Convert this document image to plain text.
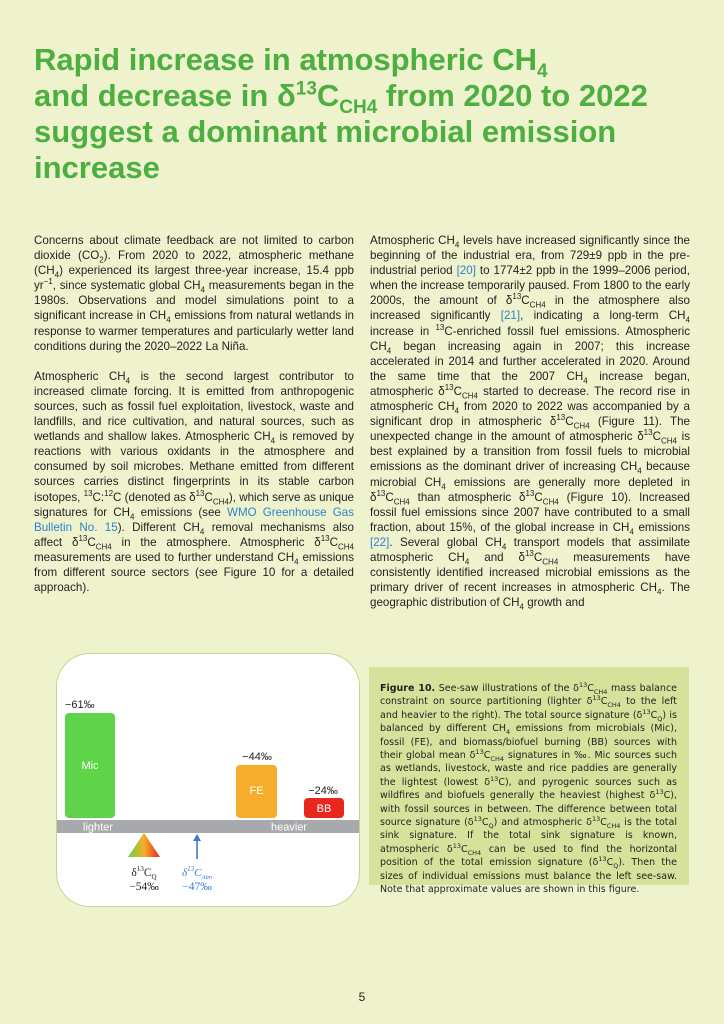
Rapid increase in atmospheric $CH_4$
and decrease in $\delta^{13}C_{CH4}$ from 2020 to 2022
suggest a dominant microbial emission
increase

Concerns about climate feedback are not limited to carbon dioxide $(CO_2)$. From 2020 to 2022, atmospheric methane $(CH_4)$ experienced its largest three-year increase, 15.4 ppb $yr^{-1}$, since systematic global $CH_4$ measurements began in the 1980s. Observations and model simulations point to a significant increase in $CH_4$ emissions from natural wetlands in response to warmer temperatures and particularly wetter land conditions during the 2020–2022 La Niña.

Atmospheric $CH_4$ is the second largest contributor to increased climate forcing. It is emitted from anthropogenic sources, such as fossil fuel exploitation, livestock, waste and landfills, and rice cultivation, and natural sources, such as wetlands and shallow lakes. Atmospheric $CH_4$ is removed by reactions with various oxidants in the atmosphere and consumed by soil microbes. Methane emitted from different sources carries distinct fingerprints in its stable carbon isotopes, $^{13}$C:$^{12}$C (denoted as $\delta^{13}C_{CH4}$), which serve as unique signatures for $CH_4$ emissions (see WMO Greenhouse Gas Bulletin No. 15). Different $CH_4$ removal mechanisms also affect $\delta^{13}C_{CH4}$ in the atmosphere. Atmospheric $\delta^{13}C_{CH4}$ measurements are used to further understand $CH_4$ emissions from different source sectors (see Figure 10 for a detailed approach).

Atmospheric $CH_4$ levels have increased significantly since the beginning of the industrial era, from 729±9 ppb in the pre-industrial period [20] to 1774±2 ppb in the 1999–2006 period, when the increase temporarily paused. From 1800 to the early 2000s, the amount of $\delta^{13}C_{CH4}$ in the atmosphere also increased significantly [21], indicating a long-term $CH_4$ increase in $^{13}$C-enriched fossil fuel emissions. Atmospheric $CH_4$ began increasing again in 2007; this increase accelerated in 2014 and further accelerated in 2020. Around the same time that the 2007 $CH_4$ increase began, atmospheric $\delta^{13}C_{CH4}$ started to decrease. The record rise in atmospheric $CH_4$ from 2020 to 2022 was accompanied by a significant drop in atmospheric $\delta^{13}C_{CH4}$ (Figure 11). The unexpected change in the amount of atmospheric $\delta^{13}C_{CH4}$ is best explained by a transition from fossil fuels to microbial emissions as the dominant driver of increasing $CH_4$ because microbial $CH_4$ emissions are generally more depleted in $\delta^{13}C_{CH4}$ than atmospheric $\delta^{13}C_{CH4}$ (Figure 10). Increased fossil fuel emissions since 2007 have contributed to a small fraction, about 15%, of the global increase in $CH_4$ emissions [22]. Several global $CH_4$ transport models that assimilate atmospheric $CH_4$ and $\delta^{13}C_{CH4}$ measurements have consistently identified increased microbial emissions as the primary driver of recent increases in atmospheric $CH_4$. The geographic distribution of $CH_4$ growth and

−61‰
Mic
−44‰
FE	−24‰
BB
lighter	heavier
$\delta^{13}C_Q$
−54‰
$\delta^{13}C_{Atm}$
−47‰
Figure 10. See-saw illustrations of the $\delta^{13}C_{CH4}$ mass balance constraint on source partitioning (lighter $\delta^{13}C_{CH4}$ to the left and heavier to the right). The total source signature $(\delta^{13}C_Q)$ is balanced by different $CH_4$ emissions from microbials (Mic), fossil (FE), and biomass/biofuel burning (BB) sources with their global mean $\delta^{13}C_{CH4}$ signatures in ‰. Mic sources such as wetlands, livestock, waste and rice paddies are generally the lightest (lowest $\delta^{13}C$), and pyrogenic sources such as wildfires and biofuels generally the heaviest (highest $\delta^{13}C$), with fossil sources in between. The difference between total source signature $(\delta^{13}C_Q)$ and atmospheric $\delta^{13}C_{CH4}$ is the total sink signature. If the total sink signature is known, atmospheric $\delta^{13}C_{CH4}$ can be used to find the horizontal position of the total emission signature $(\delta^{13}C_Q)$. Then the sizes of individual emissions must balance the left see-saw. Note that approximate values are shown in this figure.
5
